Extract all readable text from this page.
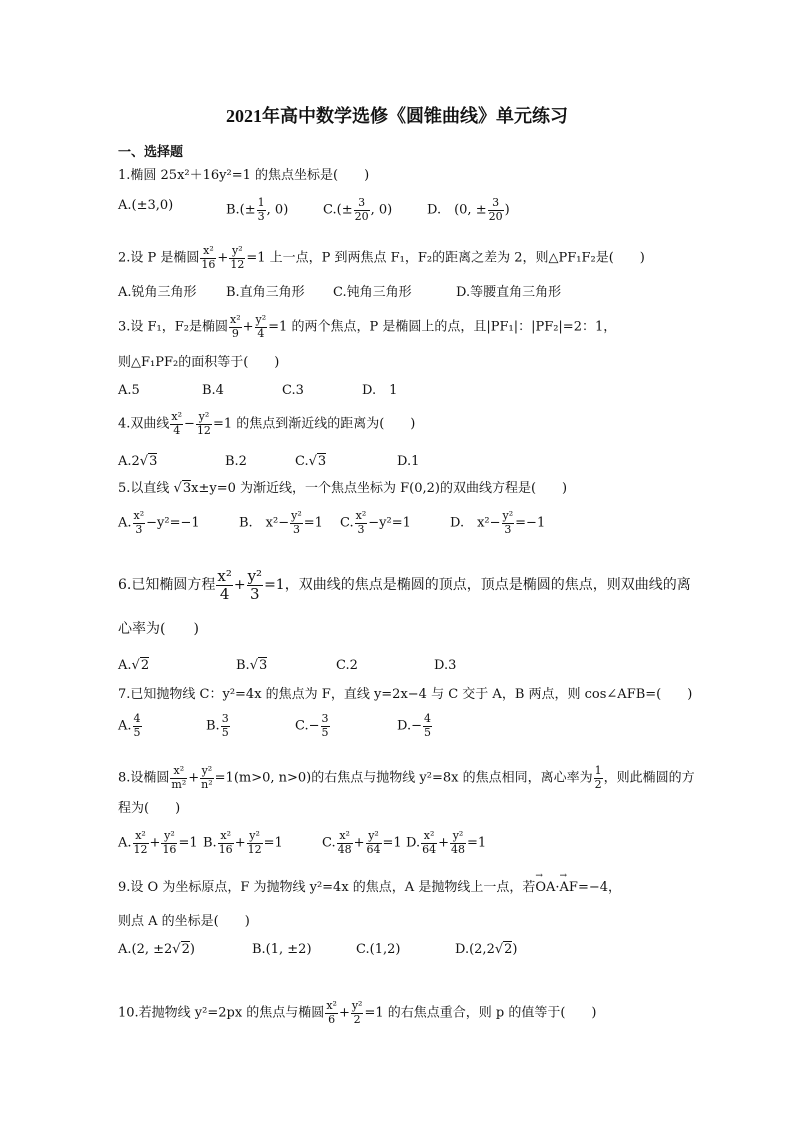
2021年高中数学选修《圆锥曲线》单元练习
一、选择题
1.椭圆 25x²＋16y²=1 的焦点坐标是(　　)
A.(±3,0)	$B.(\pm \frac{1}{3}$ , 0)	$C.(\pm \frac{3}{20}$ , 0)	D.　(0, ± $\frac{3}{20}$ )
2.设 P 是椭圆 $\frac{\text{x²}}{16} + \frac{\text{y²}}{12} =1$ 上一点，P 到两焦点 F₁，F₂的距离之差为 2，则△PF₁F₂是(　　)
A.锐角三角形 B.直角三角形 C.钝角三角形	D.等腰直角三角形
3.设 F₁，F₂是椭圆 $\frac{\text{x²}}{9} + \frac{\text{y²}}{4} =1$ 的两个焦点，P 是椭圆上的点，且|PF₁|：|PF₂|=2：1，
则△F₁PF₂的面积等于(　　)
A.5	B.4	C.3	D.　1
4.双曲线 $\frac{\text{x²}}{4} - \frac{\text{y²}}{12} =1$ 的焦点到渐近线的距离为(　　)
A.2√3	B.2	C.√3	D.1
5.以直线 √3x±y=0 为渐近线，一个焦点坐标为 F(0,2)的双曲线方程是(　　)
A. $\frac{\text{x²}}{3} -y^2=-1$	B.　$x^2- \frac{\text{y²}}{3} =1$ C. $\frac{\text{x²}}{3} -y^2=1$	D.　$x^2- \frac{\text{y²}}{3} =-1$
6.已知椭圆方程 $\frac{\text{x²}}{4} + \frac{\text{y²}}{3} =1$，双曲线的焦点是椭圆的顶点，顶点是椭圆的焦点，则双曲线的离
心率为(　　)
A.√2	B.√3	C.2	D.3
7.已知抛物线 C：y²=4x 的焦点为 F，直线 y=2x−4 与 C 交于 A，B 两点，则 cos∠AFB=(　　)
A. $\frac{4}{5}$	B. $\frac{3}{5}$	$C.- \frac{3}{5}$	$D.- \frac{4}{5}$
8.设椭圆 $\frac{\text{x²}}{\text{m²}} + \frac{\text{y²}}{\text{n²}} =1(m>0$, n>0)的右焦点与抛物线 y²=8x 的焦点相同，离心率为 $\frac{1}{2}$ ，则此椭圆的方
程为(　　)
A. $\frac{\text{x²}}{12} + \frac{\text{y²}}{16} =1$ B. $\frac{\text{x²}}{16} + \frac{\text{y²}}{12} =1$	C. $\frac{\text{x²}}{48} + \frac{\text{y²}}{64} =1$ D. $\frac{\text{x²}}{64} + \frac{\text{y²}}{48} =1$
9.设 O 为坐标原点，F 为抛物线 y²=4x 的焦点，A 是抛物线上一点，若→ OA·→ AF=−4，
则点 A 的坐标是(　　)
A.(2, ±2√2)	B.(1, ±2)	C.(1,2)	D.(2,2√2)
10.若抛物线 y²=2px 的焦点与椭圆 $\frac{\text{x²}}{6} + \frac{\text{y²}}{2} =1$ 的右焦点重合，则 p 的值等于(　　)
